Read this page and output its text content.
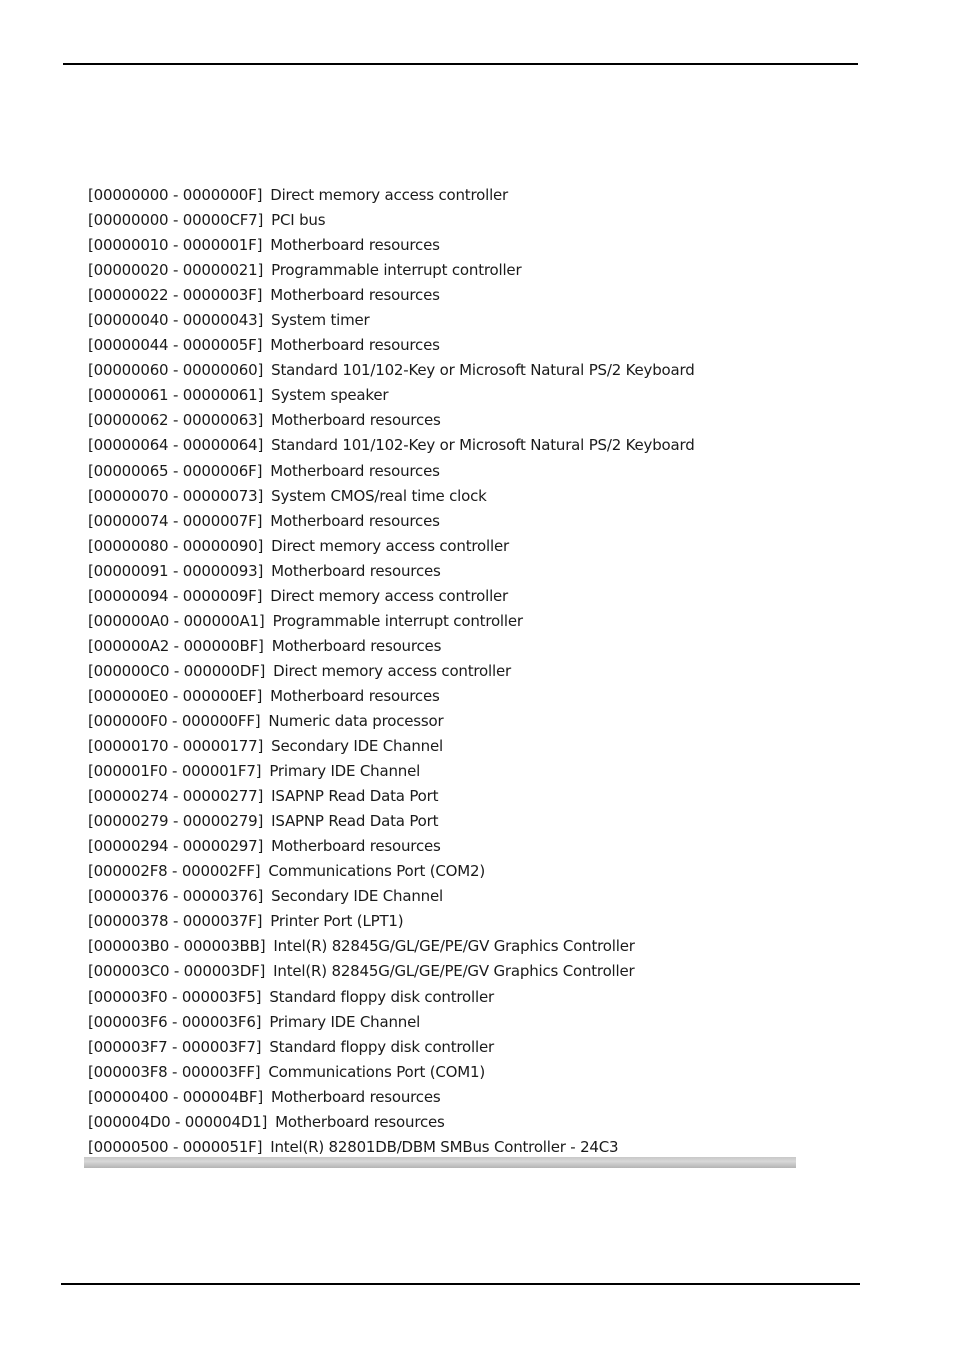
[00000000 - 0000000F] Direct memory access controller
[00000000 - 00000CF7] PCI bus
[00000010 - 0000001F] Motherboard resources
[00000020 - 00000021] Programmable interrupt controller
[00000022 - 0000003F] Motherboard resources
[00000040 - 00000043] System timer
[00000044 - 0000005F] Motherboard resources
[00000060 - 00000060] Standard 101/102-Key or Microsoft Natural PS/2 Keyboard
[00000061 - 00000061] System speaker
[00000062 - 00000063] Motherboard resources
[00000064 - 00000064] Standard 101/102-Key or Microsoft Natural PS/2 Keyboard
[00000065 - 0000006F] Motherboard resources
[00000070 - 00000073] System CMOS/real time clock
[00000074 - 0000007F] Motherboard resources
[00000080 - 00000090] Direct memory access controller
[00000091 - 00000093] Motherboard resources
[00000094 - 0000009F] Direct memory access controller
[000000A0 - 000000A1] Programmable interrupt controller
[000000A2 - 000000BF] Motherboard resources
[000000C0 - 000000DF] Direct memory access controller
[000000E0 - 000000EF] Motherboard resources
[000000F0 - 000000FF] Numeric data processor
[00000170 - 00000177] Secondary IDE Channel
[000001F0 - 000001F7] Primary IDE Channel
[00000274 - 00000277] ISAPNP Read Data Port
[00000279 - 00000279] ISAPNP Read Data Port
[00000294 - 00000297] Motherboard resources
[000002F8 - 000002FF] Communications Port (COM2)
[00000376 - 00000376] Secondary IDE Channel
[00000378 - 0000037F] Printer Port (LPT1)
[000003B0 - 000003BB] Intel(R) 82845G/GL/GE/PE/GV Graphics Controller
[000003C0 - 000003DF] Intel(R) 82845G/GL/GE/PE/GV Graphics Controller
[000003F0 - 000003F5] Standard floppy disk controller
[000003F6 - 000003F6] Primary IDE Channel
[000003F7 - 000003F7] Standard floppy disk controller
[000003F8 - 000003FF] Communications Port (COM1)
[00000400 - 000004BF] Motherboard resources
[000004D0 - 000004D1] Motherboard resources
[00000500 - 0000051F] Intel(R) 82801DB/DBM SMBus Controller - 24C3
